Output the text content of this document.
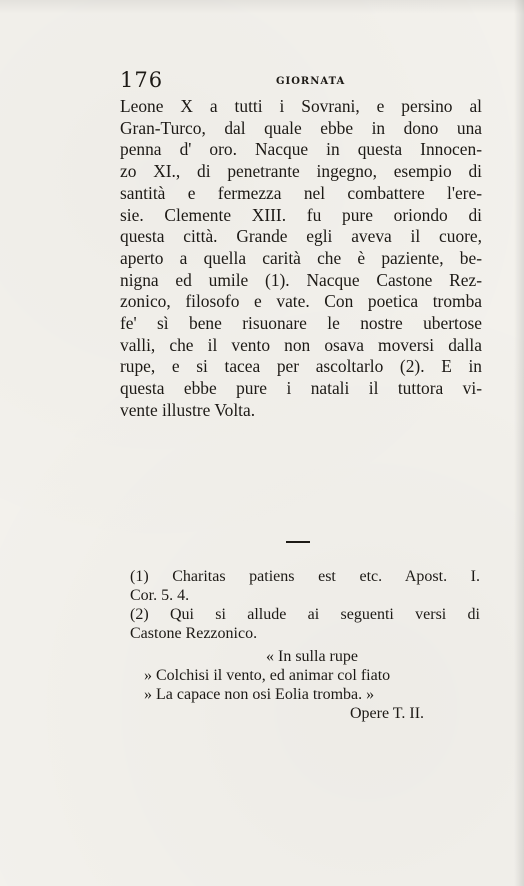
176	GIORNATA
Leone X a tutti i Sovrani, e persino al
Gran-Turco, dal quale ebbe in dono una
penna d' oro. Nacque in questa Innocen-
zo XI., di penetrante ingegno, esempio di
santità e fermezza nel combattere l'ere-
sie. Clemente XIII. fu pure oriondo di
questa città. Grande egli aveva il cuore,
aperto a quella carità che è paziente, be-
nigna ed umile (1). Nacque Castone Rez-
zonico, filosofo e vate. Con poetica tromba
fe' sì bene risuonare le nostre ubertose
valli, che il vento non osava moversi dalla
rupe, e si tacea per ascoltarlo (2). E in
questa ebbe pure i natali il tuttora vi-
vente illustre Volta.
(1) Charitas patiens est etc. Apost. I.
Cor. 5. 4.
(2) Qui si allude ai seguenti versi di
Castone Rezzonico.
« In sulla rupe
» Colchisi il vento, ed animar col fiato
» La capace non osi Eolia tromba. »
Opere T. II.
